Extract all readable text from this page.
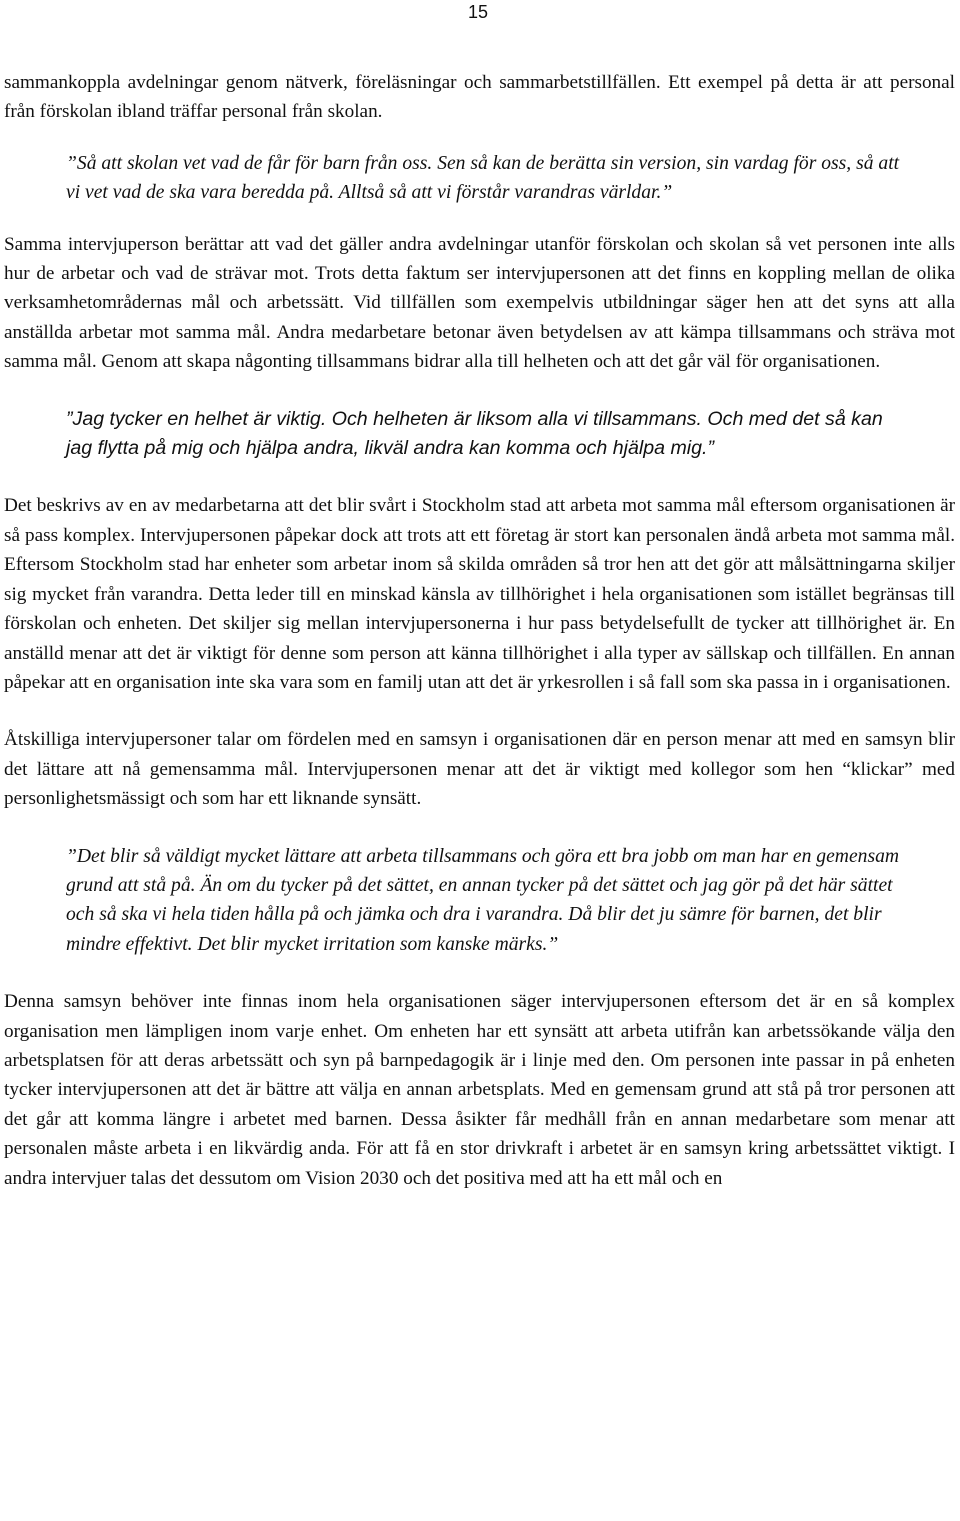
15

sammankoppla avdelningar genom nätverk, föreläsningar och sammarbetstillfällen. Ett exempel på detta är att personal från förskolan ibland träffar personal från skolan.

”Så att skolan vet vad de får för barn från oss. Sen så kan de berätta sin version, sin vardag för oss, så att vi vet vad de ska vara beredda på. Alltså så att vi förstår varandras världar.”

Samma intervjuperson berättar att vad det gäller andra avdelningar utanför förskolan och skolan så vet personen inte alls hur de arbetar och vad de strävar mot. Trots detta faktum ser intervjupersonen att det finns en koppling mellan de olika verksamhetområdernas mål och arbetssätt. Vid tillfällen som exempelvis utbildningar säger hen att det syns att alla anställda arbetar mot samma mål. Andra medarbetare betonar även betydelsen av att kämpa tillsammans och sträva mot samma mål. Genom att skapa någonting tillsammans bidrar alla till helheten och att det går väl för organisationen.

”Jag tycker en helhet är viktig. Och helheten är liksom alla vi tillsammans. Och med det så kan jag flytta på mig och hjälpa andra, likväl andra kan komma och hjälpa mig.”

Det beskrivs av en av medarbetarna att det blir svårt i Stockholm stad att arbeta mot samma mål eftersom organisationen är så pass komplex. Intervjupersonen påpekar dock att trots att ett företag är stort kan personalen ändå arbeta mot samma mål. Eftersom Stockholm stad har enheter som arbetar inom så skilda områden så tror hen att det gör att målsättningarna skiljer sig mycket från varandra. Detta leder till en minskad känsla av tillhörighet i hela organisationen som istället begränsas till förskolan och enheten. Det skiljer sig mellan intervjupersonerna i hur pass betydelsefullt de tycker att tillhörighet är. En anställd menar att det är viktigt för denne som person att känna tillhörighet i alla typer av sällskap och tillfällen. En annan påpekar att en organisation inte ska vara som en familj utan att det är yrkesrollen i så fall som ska passa in i organisationen.

Åtskilliga intervjupersoner talar om fördelen med en samsyn i organisationen där en person menar att med en samsyn blir det lättare att nå gemensamma mål. Intervjupersonen menar att det är viktigt med kollegor som hen “klickar” med personlighetsmässigt och som har ett liknande synsätt.

”Det blir så väldigt mycket lättare att arbeta tillsammans och göra ett bra jobb om man har en gemensam grund att stå på. Än om du tycker på det sättet, en annan tycker på det sättet och jag gör på det här sättet och så ska vi hela tiden hålla på och jämka och dra i varandra. Då blir det ju sämre för barnen, det blir mindre effektivt. Det blir mycket irritation som kanske märks.”

Denna samsyn behöver inte finnas inom hela organisationen säger intervjupersonen eftersom det är en så komplex organisation men lämpligen inom varje enhet. Om enheten har ett synsätt att arbeta utifrån kan arbetssökande välja den arbetsplatsen för att deras arbetssätt och syn på barnpedagogik är i linje med den. Om personen inte passar in på enheten tycker intervjupersonen att det är bättre att välja en annan arbetsplats. Med en gemensam grund att stå på tror personen att det går att komma längre i arbetet med barnen. Dessa åsikter får medhåll från en annan medarbetare som menar att personalen måste arbeta i en likvärdig anda. För att få en stor drivkraft i arbetet är en samsyn kring arbetssättet viktigt. I andra intervjuer talas det dessutom om Vision 2030 och det positiva med att ha ett mål och en
